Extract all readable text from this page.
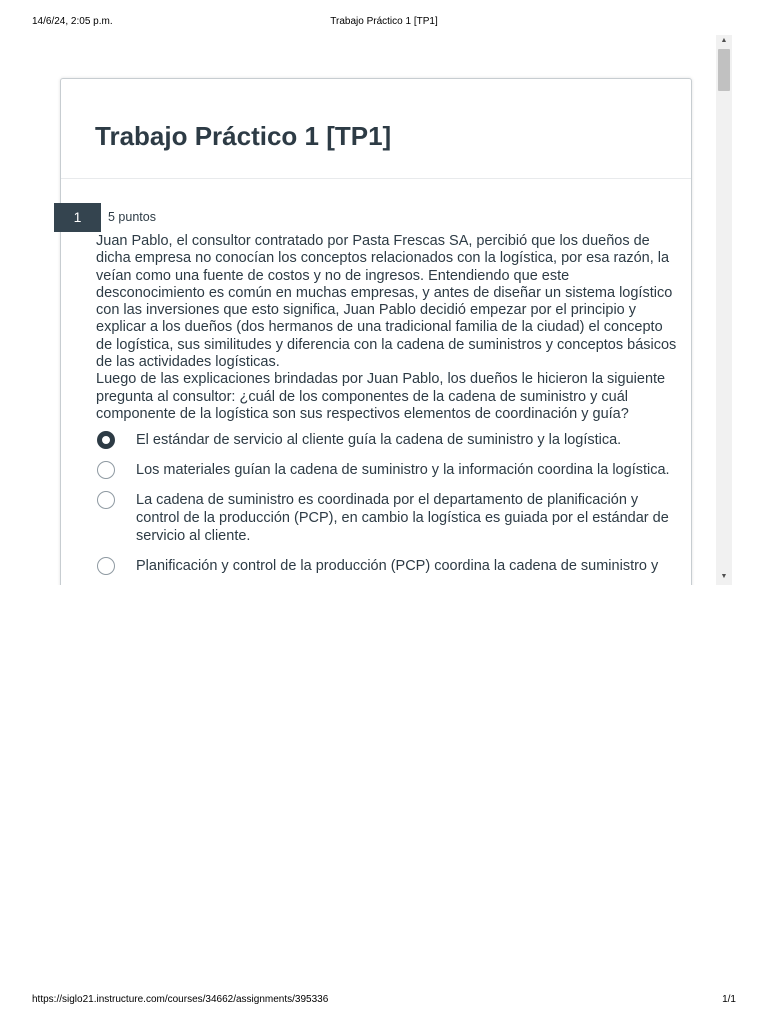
14/6/24, 2:05 p.m.	Trabajo Práctico 1 [TP1]
Trabajo Práctico 1 [TP1]
1	5 puntos

Juan Pablo, el consultor contratado por Pasta Frescas SA, percibió que los dueños de dicha empresa no conocían los conceptos relacionados con la logística, por esa razón, la veían como una fuente de costos y no de ingresos. Entendiendo que este desconocimiento es común en muchas empresas, y antes de diseñar un sistema logístico con las inversiones que esto significa, Juan Pablo decidió empezar por el principio y explicar a los dueños (dos hermanos de una tradicional familia de la ciudad) el concepto de logística, sus similitudes y diferencia con la cadena de suministros y conceptos básicos de las actividades logísticas.

Luego de las explicaciones brindadas por Juan Pablo, los dueños le hicieron la siguiente pregunta al consultor: ¿cuál de los componentes de la cadena de suministro y cuál componente de la logística son sus respectivos elementos de coordinación y guía?

El estándar de servicio al cliente guía la cadena de suministro y la logística.
Los materiales guían la cadena de suministro y la información coordina la logística.
La cadena de suministro es coordinada por el departamento de planificación y control de la producción (PCP), en cambio la logística es guiada por el estándar de servicio al cliente.
Planificación y control de la producción (PCP) coordina la cadena de suministro y
▲
▼
https://siglo21.instructure.com/courses/34662/assignments/395336	1/1
